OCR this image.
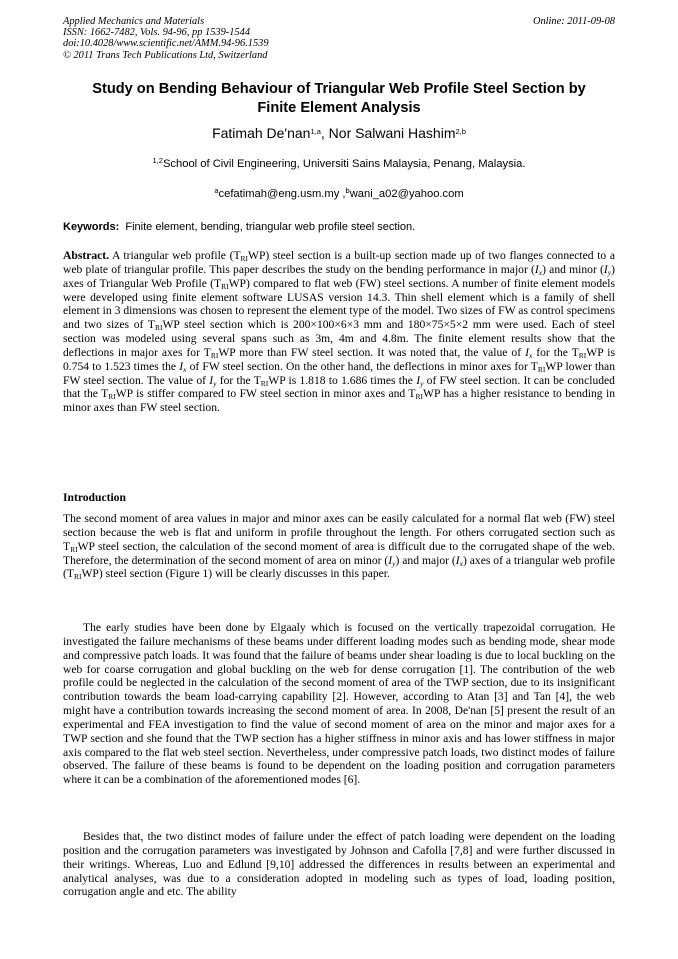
Applied Mechanics and Materials
ISSN: 1662-7482, Vols. 94-96, pp 1539-1544
doi:10.4028/www.scientific.net/AMM.94-96.1539
© 2011 Trans Tech Publications Ltd, Switzerland
Online: 2011-09-08
Study on Bending Behaviour of Triangular Web Profile Steel Section by
Finite Element Analysis
Fatimah De'nan$^{1,a}$, Nor Salwani Hashim$^{2,b}$
$^{1,2}$School of Civil Engineering, Universiti Sains Malaysia, Penang, Malaysia.
$^a$cefatimah@eng.usm.my ,$^b$wani_a02@yahoo.com
Keywords: Finite element, bending, triangular web profile steel section.
Abstract. A triangular web profile $(T_{RI}WP)$ steel section is a built-up section made up of two flanges connected to a web plate of triangular profile. This paper describes the study on the bending performance in major $(I_x)$ and minor $(I_y)$ axes of Triangular Web Profile $(T_{RI}WP)$ compared to flat web (FW) steel sections. A number of finite element models were developed using finite element software LUSAS version 14.3. Thin shell element which is a family of shell element in 3 dimensions was chosen to represent the element type of the model. Two sizes of FW as control specimens and two sizes of $T_{RI}WP$ steel section which is 200×100×6×3 mm and 180×75×5×2 mm were used. Each of steel section was modeled using several spans such as 3m, 4m and 4.8m. The finite element results show that the deflections in major axes for $T_{RI}WP$ more than FW steel section. It was noted that, the value of $I_x$ for the $T_{RI}WP$ is 0.754 to 1.523 times the $I_x$ of FW steel section. On the other hand, the deflections in minor axes for $T_{RI}WP$ lower than FW steel section. The value of $I_y$ for the $T_{RI}WP$ is 1.818 to 1.686 times the $I_y$ of FW steel section. It can be concluded that the $T_{RI}WP$ is stiffer compared to FW steel section in minor axes and $T_{RI}WP$ has a higher resistance to bending in minor axes than FW steel section.
Introduction
The second moment of area values in major and minor axes can be easily calculated for a normal flat web (FW) steel section because the web is flat and uniform in profile throughout the length. For others corrugated section such as $T_{RI}WP$ steel section, the calculation of the second moment of area is difficult due to the corrugated shape of the web. Therefore, the determination of the second moment of area on minor $(I_y)$ and major $(I_x)$ axes of a triangular web profile $(T_{RI}WP)$ steel section (Figure 1) will be clearly discusses in this paper.
The early studies have been done by Elgaaly which is focused on the vertically trapezoidal corrugation. He investigated the failure mechanisms of these beams under different loading modes such as bending mode, shear mode and compressive patch loads. It was found that the failure of beams under shear loading is due to local buckling on the web for coarse corrugation and global buckling on the web for dense corrugation [1]. The contribution of the web profile could be neglected in the calculation of the second moment of area of the TWP section, due to its insignificant contribution towards the beam load-carrying capability [2]. However, according to Atan [3] and Tan [4], the web might have a contribution towards increasing the second moment of area. In 2008, De'nan [5] present the result of an experimental and FEA investigation to find the value of second moment of area on the minor and major axes for a TWP section and she found that the TWP section has a higher stiffness in minor axis and has lower stiffness in major axis compared to the flat web steel section. Nevertheless, under compressive patch loads, two distinct modes of failure observed. The failure of these beams is found to be dependent on the loading position and corrugation parameters where it can be a combination of the aforementioned modes [6].
Besides that, the two distinct modes of failure under the effect of patch loading were dependent on the loading position and the corrugation parameters was investigated by Johnson and Cafolla [7,8] and were further discussed in their writings. Whereas, Luo and Edlund [9,10] addressed the differences in results between an experimental and analytical analyses, was due to a consideration adopted in modeling such as types of load, loading position, corrugation angle and etc. The ability
